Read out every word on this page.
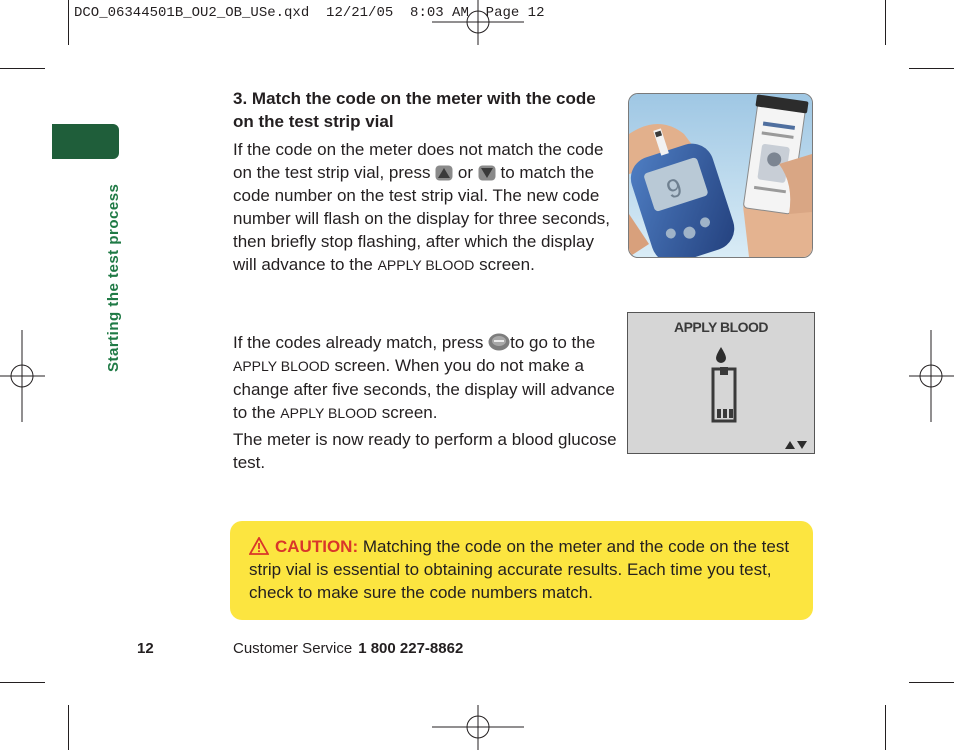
DCO_06344501B_OU2_OB_USe.qxd  12/21/05  8:03 AM  Page 12
Starting the test process
3. Match the code on the meter with the code on the test strip vial
If the code on the meter does not match the code on the test strip vial, press  or  to match the code number on the test strip vial. The new code number will flash on the display for three seconds, then briefly stop flashing, after which the display will advance to the APPLY BLOOD screen.
If the codes already match, press to go to the APPLY BLOOD screen. When you do not make a change after five seconds, the display will advance to the APPLY BLOOD screen.
The meter is now ready to perform a blood glucose test.
9
APPLY BLOOD
CAUTION: Matching the code on the meter and the code on the test strip vial is essential to obtaining accurate results. Each time you test, check to make sure the code numbers match.
12	Customer Service 1 800 227-8862
